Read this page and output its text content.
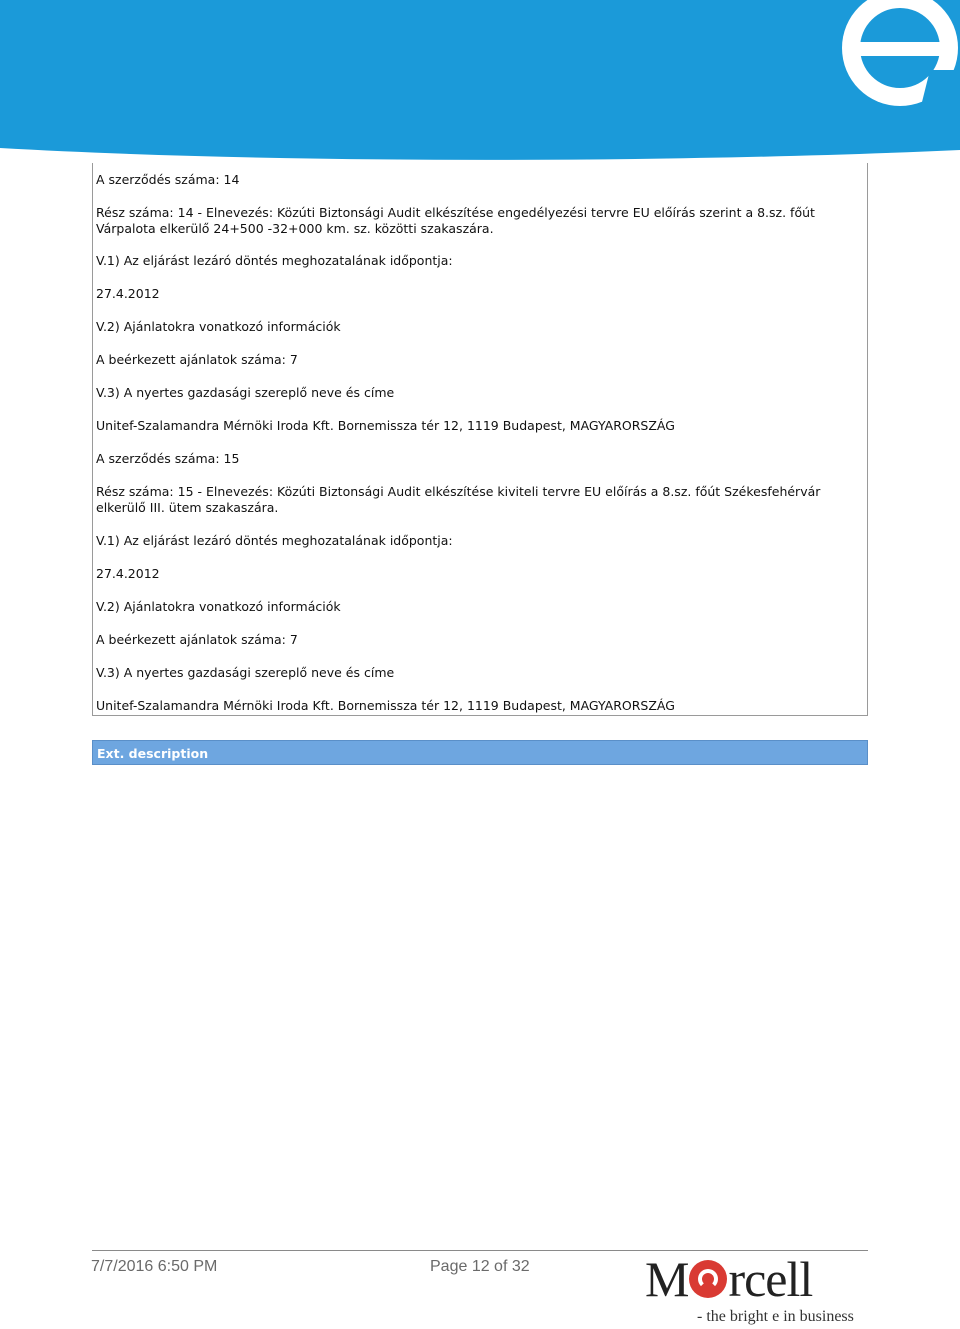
A szerződés száma: 14
Rész száma: 14 - Elnevezés: Közúti Biztonsági Audit elkészítése engedélyezési tervre EU előírás szerint a 8.sz. főút Várpalota elkerülő 24+500 -32+000 km. sz. közötti szakaszára.
V.1) Az eljárást lezáró döntés meghozatalának időpontja:
27.4.2012
V.2) Ajánlatokra vonatkozó információk
A beérkezett ajánlatok száma: 7
V.3) A nyertes gazdasági szereplő neve és címe
Unitef-Szalamandra Mérnöki Iroda Kft. Bornemissza tér 12, 1119 Budapest, MAGYARORSZÁG
A szerződés száma: 15
Rész száma: 15 - Elnevezés: Közúti Biztonsági Audit elkészítése kiviteli tervre EU előírás a 8.sz. főút Székesfehérvár elkerülő III. ütem szakaszára.
V.1) Az eljárást lezáró döntés meghozatalának időpontja:
27.4.2012
V.2) Ajánlatokra vonatkozó információk
A beérkezett ajánlatok száma: 7
V.3) A nyertes gazdasági szereplő neve és címe
Unitef-Szalamandra Mérnöki Iroda Kft. Bornemissza tér 12, 1119 Budapest, MAGYARORSZÁG
Ext. description
7/7/2016 6:50 PM	Page 12 of 32 M rcell
- the bright e in business
